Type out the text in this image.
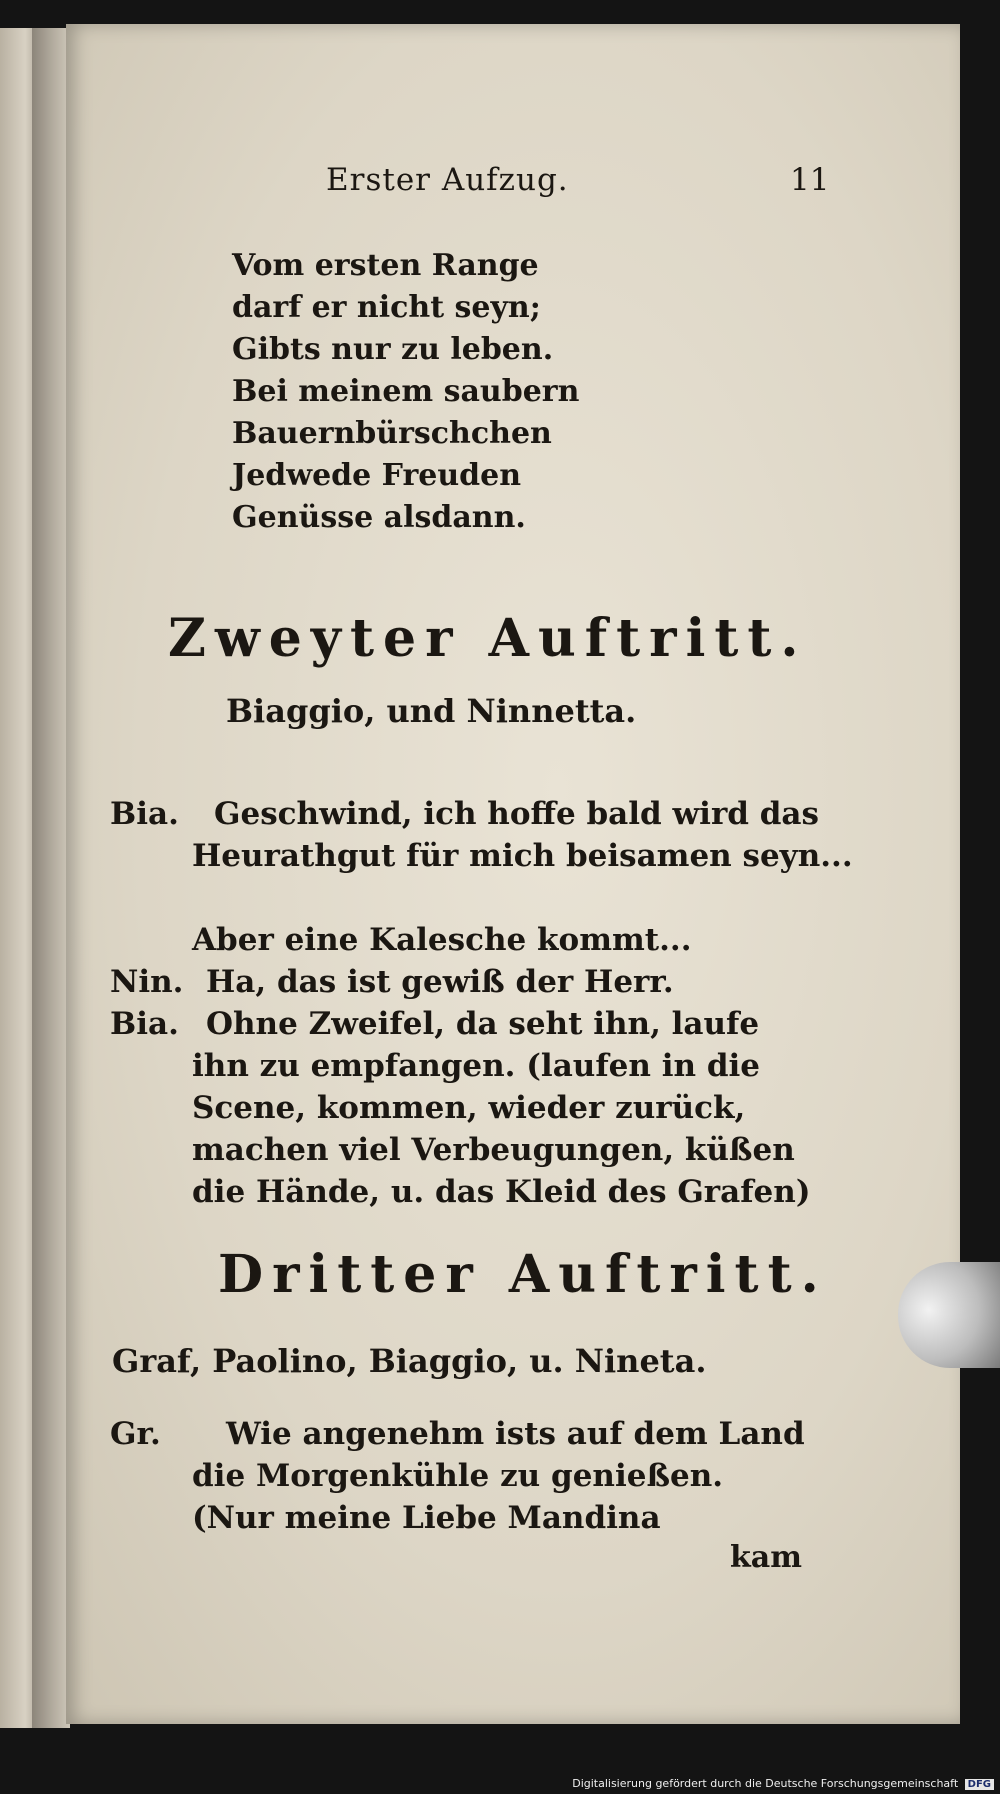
Erster Aufzug.	11
Vom ersten Range
darf er nicht seyn;
Gibts nur zu leben.
Bei meinem saubern
Bauernbürschchen
Jedwede Freuden
Genüsse alsdann.
Zweyter Auftritt.
Biaggio, und Ninnetta.
Bia. Geschwind, ich hoffe bald wird das
Heurathgut für mich beisamen seyn...
Aber eine Kalesche kommt...
Nin. Ha, das ist gewiß der Herr.
Bia. Ohne Zweifel, da seht ihn, laufe
ihn zu empfangen. (laufen in die
Scene, kommen, wieder zurück,
machen viel Verbeugungen, küßen
die Hände, u. das Kleid des Grafen)
Dritter Auftritt.
Graf, Paolino, Biaggio, u. Nineta.
Gr. Wie angenehm ists auf dem Land
die Morgenkühle zu genießen.
(Nur meine Liebe Mandina
kam
Digitalisierung gefördert durch die Deutsche Forschungsgemeinschaft DFG
